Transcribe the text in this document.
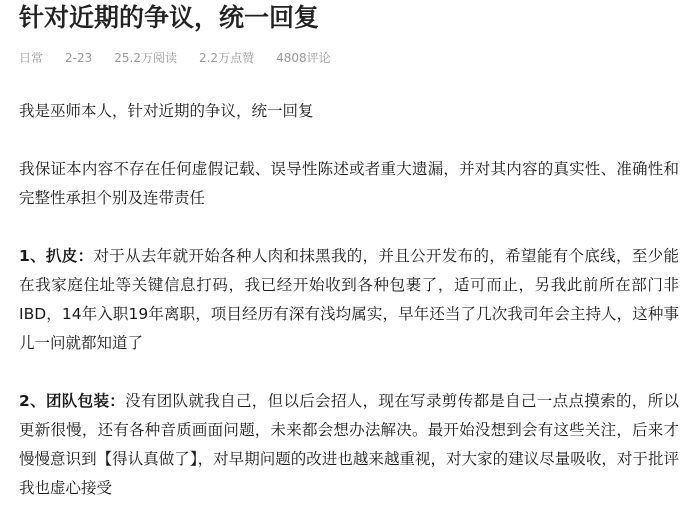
针对近期的争议，统一回复
日常 2-23 25.2万阅读 2.2万点赞 4808评论

我是巫师本人，针对近期的争议，统一回复

我保证本内容不存在任何虚假记载、误导性陈述或者重大遗漏，并对其内容的真实性、准确性和完整性承担个别及连带责任

1、扒皮：对于从去年就开始各种人肉和抹黑我的，并且公开发布的，希望能有个底线，至少能在我家庭住址等关键信息打码，我已经开始收到各种包裹了，适可而止，另我此前所在部门非IBD，14年入职19年离职，项目经历有深有浅均属实，早年还当了几次我司年会主持人，这种事儿一问就都知道了

2、团队包装：没有团队就我自己，但以后会招人，现在写录剪传都是自己一点点摸索的，所以更新很慢，还有各种音质画面问题，未来都会想办法解决。最开始没想到会有这些关注，后来才慢慢意识到【得认真做了】，对早期问题的改进也越来越重视，对大家的建议尽量吸收，对于批评我也虚心接受
